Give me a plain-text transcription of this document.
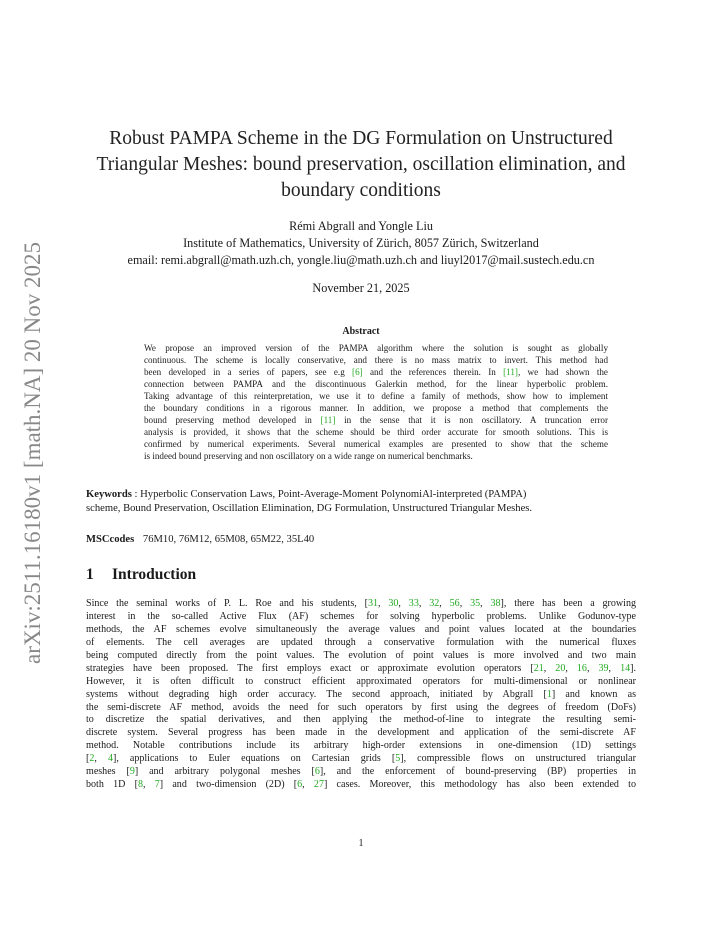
arXiv:2511.16180v1 [math.NA] 20 Nov 2025
Robust PAMPA Scheme in the DG Formulation on Unstructured
Triangular Meshes: bound preservation, oscillation elimination, and
boundary conditions
Rémi Abgrall and Yongle Liu
Institute of Mathematics, University of Zürich, 8057 Zürich, Switzerland
email: remi.abgrall@math.uzh.ch, yongle.liu@math.uzh.ch and liuyl2017@mail.sustech.edu.cn
November 21, 2025
Abstract
We propose an improved version of the PAMPA algorithm where the solution is sought as globally
continuous. The scheme is locally conservative, and there is no mass matrix to invert. This method had
been developed in a series of papers, see e.g [6] and the references therein. In [11], we had shown the
connection between PAMPA and the discontinuous Galerkin method, for the linear hyperbolic problem.
Taking advantage of this reinterpretation, we use it to define a family of methods, show how to implement
the boundary conditions in a rigorous manner. In addition, we propose a method that complements the
bound preserving method developed in [11] in the sense that it is non oscillatory. A truncation error
analysis is provided, it shows that the scheme should be third order accurate for smooth solutions. This is
confirmed by numerical experiments. Several numerical examples are presented to show that the scheme
is indeed bound preserving and non oscillatory on a wide range on numerical benchmarks.
Keywords : Hyperbolic Conservation Laws, Point-Average-Moment PolynomiAl-interpreted (PAMPA)
scheme, Bound Preservation, Oscillation Elimination, DG Formulation, Unstructured Triangular Meshes.
MSCcodes 76M10, 76M12, 65M08, 65M22, 35L40
1 Introduction
Since the seminal works of P. L. Roe and his students, [31, 30, 33, 32, 56, 35, 38], there has been a growing
interest in the so-called Active Flux (AF) schemes for solving hyperbolic problems. Unlike Godunov-type
methods, the AF schemes evolve simultaneously the average values and point values located at the boundaries
of elements. The cell averages are updated through a conservative formulation with the numerical fluxes
being computed directly from the point values. The evolution of point values is more involved and two main
strategies have been proposed. The first employs exact or approximate evolution operators [21, 20, 16, 39, 14].
However, it is often difficult to construct efficient approximated operators for multi-dimensional or nonlinear
systems without degrading high order accuracy. The second approach, initiated by Abgrall [1] and known as
the semi-discrete AF method, avoids the need for such operators by first using the degrees of freedom (DoFs)
to discretize the spatial derivatives, and then applying the method-of-line to integrate the resulting semi-
discrete system. Several progress has been made in the development and application of the semi-discrete AF
method. Notable contributions include its arbitrary high-order extensions in one-dimension (1D) settings
[2, 4], applications to Euler equations on Cartesian grids [5], compressible flows on unstructured triangular
meshes [9] and arbitrary polygonal meshes [6], and the enforcement of bound-preserving (BP) properties in
both 1D [8, 7] and two-dimension (2D) [6, 27] cases. Moreover, this methodology has also been extended to
1
